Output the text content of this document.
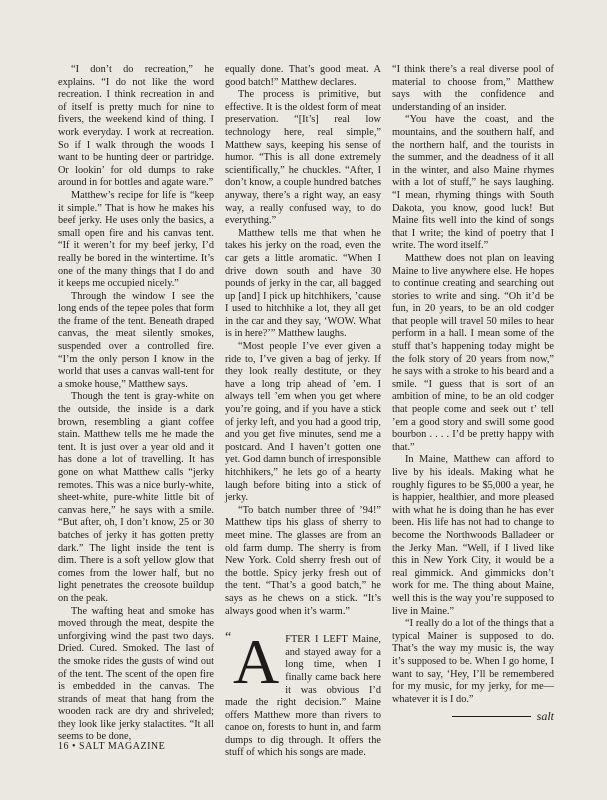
“I don’t do recreation,” he explains. “I do not like the word recreation. I think recreation in and of itself is pretty much for nine to fivers, the weekend kind of thing. I work everyday. I work at recreation. So if I walk through the woods I want to be hunting deer or partridge. Or lookin’ for old dumps to rake around in for bottles and agate ware.”

Matthew’s recipe for life is “keep it simple.” That is how he makes his beef jerky. He uses only the basics, a small open fire and his canvas tent. “If it weren’t for my beef jerky, I’d really be bored in the wintertime. It’s one of the many things that I do and it keeps me occupied nicely.”

Through the window I see the long ends of the tepee poles that form the frame of the tent. Beneath draped canvas, the meat silently smokes, suspended over a controlled fire. “I’m the only person I know in the world that uses a canvas wall-tent for a smoke house,” Matthew says.

Though the tent is gray-white on the outside, the inside is a dark brown, resembling a giant coffee stain. Matthew tells me he made the tent. It is just over a year old and it has done a lot of travelling. It has gone on what Matthew calls “jerky remotes. This was a nice burly-white, sheet-white, pure-white little bit of canvas here,” he says with a smile. “But after, oh, I don’t know, 25 or 30 batches of jerky it has gotten pretty dark.” The light inside the tent is dim. There is a soft yellow glow that comes from the lower half, but no light penetrates the creosote buildup on the peak.

The wafting heat and smoke has moved through the meat, despite the unforgiving wind the past two days. Dried. Cured. Smoked. The last of the smoke rides the gusts of wind out of the tent. The scent of the open fire is embedded in the canvas. The strands of meat that hang from the wooden rack are dry and shriveled; they look like jerky stalactites. “It all seems to be done,

equally done. That’s good meat. A good batch!” Matthew declares.

The process is primitive, but effective. It is the oldest form of meat preservation. “[It’s] real low technology here, real simple,” Matthew says, keeping his sense of humor. “This is all done extremely scientifically,” he chuckles. “After, I don’t know, a couple hundred batches anyway, there’s a right way, an easy way, a really confused way, to do everything.”

Matthew tells me that when he takes his jerky on the road, even the car gets a little aromatic. “When I drive down south and have 30 pounds of jerky in the car, all bagged up [and] I pick up hitchhikers, ’cause I used to hitchhike a lot, they all get in the car and they say, ‘WOW. What is in here?’” Matthew laughs.

“Most people I’ve ever given a ride to, I’ve given a bag of jerky. If they look really destitute, or they have a long trip ahead of ’em. I always tell ’em when you get where you’re going, and if you have a stick of jerky left, and you had a good trip, and you get five minutes, send me a postcard. And I haven’t gotten one yet. God damn bunch of irresponsible hitchhikers,” he lets go of a hearty laugh before biting into a stick of jerky.

“To batch number three of ’94!” Matthew tips his glass of sherry to meet mine. The glasses are from an old farm dump. The sherry is from New York. Cold sherry fresh out of the bottle. Spicy jerky fresh out of the tent. “That’s a good batch,” he says as he chews on a stick. “It’s always good when it’s warm.”

“ A FTER I LEFT Maine, and stayed away for a long time, when I finally came back here it was obvious I’d made the right decision.” Maine offers Matthew more than rivers to canoe on, forests to hunt in, and farm dumps to dig through. It offers the stuff of which his songs are made.

“I think there’s a real diverse pool of material to choose from,” Matthew says with the confidence and understanding of an insider.

“You have the coast, and the mountains, and the southern half, and the northern half, and the tourists in the summer, and the deadness of it all in the winter, and also Maine rhymes with a lot of stuff,” he says laughing. “I mean, rhyming things with South Dakota, you know, good luck! But Maine fits well into the kind of songs that I write; the kind of poetry that I write. The word itself.”

Matthew does not plan on leaving Maine to live anywhere else. He hopes to continue creating and searching out stories to write and sing. “Oh it’d be fun, in 20 years, to be an old codger that people will travel 50 miles to hear perform in a hall. I mean some of the stuff that’s happening today might be the folk story of 20 years from now,” he says with a stroke to his beard and a smile. “I guess that is sort of an ambition of mine, to be an old codger that people come and seek out t’ tell ’em a good story and swill some good bourbon . . . . I’d be pretty happy with that.”

In Maine, Matthew can afford to live by his ideals. Making what he roughly figures to be $5,000 a year, he is happier, healthier, and more pleased with what he is doing than he has ever been. His life has not had to change to become the Northwoods Balladeer or the Jerky Man. “Well, if I lived like this in New York City, it would be a real gimmick. And gimmicks don’t work for me. The thing about Maine, well this is the way you’re supposed to live in Maine.”

“I really do a lot of the things that a typical Mainer is supposed to do. That’s the way my music is, the way it’s supposed to be. When I go home, I want to say, ‘Hey, I’ll be remembered for my music, for my jerky, for me—whatever it is I do.”

salt
16 • SALT MAGAZINE
